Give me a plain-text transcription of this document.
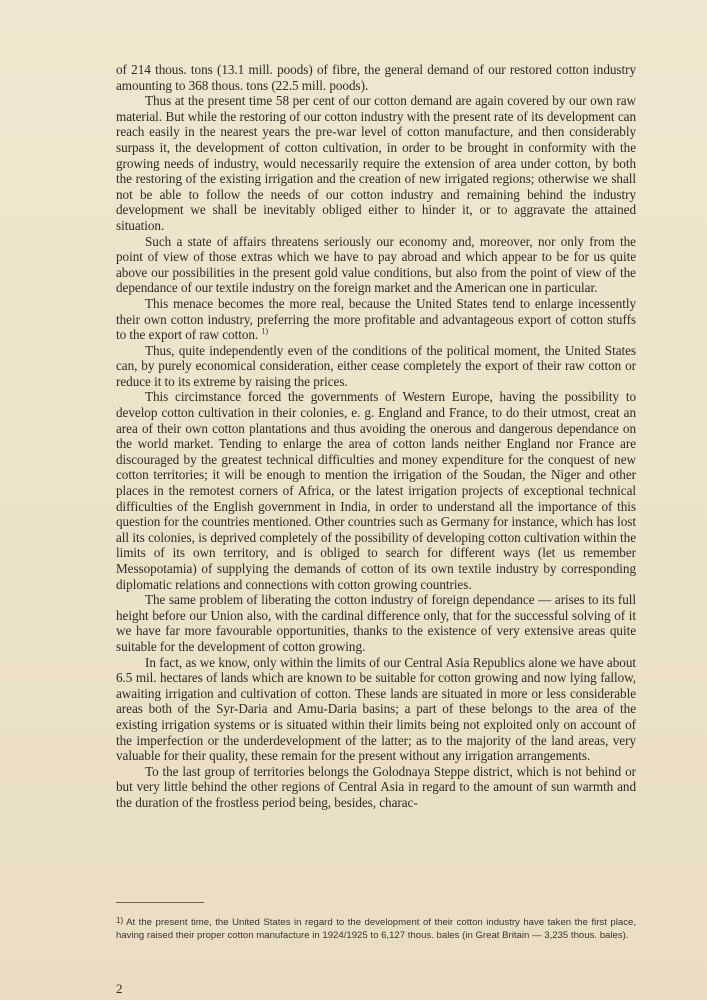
of 214 thous. tons (13.1 mill. poods) of fibre, the general demand of our restored cotton industry amounting to 368 thous. tons (22.5 mill. poods).

Thus at the present time 58 per cent of our cotton demand are again covered by our own raw material. But while the restoring of our cotton industry with the present rate of its development can reach easily in the nearest years the pre-war level of cotton manufacture, and then considerably surpass it, the development of cotton cultivation, in order to be brought in conformity with the growing needs of industry, would necessarily require the extension of area under cotton, by both the restoring of the existing irrigation and the creation of new irrigated regions; otherwise we shall not be able to follow the needs of our cotton industry and remaining behind the industry development we shall be inevitably obliged either to hinder it, or to aggravate the attained situation.

Such a state of affairs threatens seriously our economy and, moreover, nor only from the point of view of those extras which we have to pay abroad and which appear to be for us quite above our possibilities in the present gold value conditions, but also from the point of view of the dependance of our textile industry on the foreign market and the American one in particular.

This menace becomes the more real, because the United States tend to enlarge incessently their own cotton industry, preferring the more profitable and advantageous export of cotton stuffs to the export of raw cotton. $^{1)}$

Thus, quite independently even of the conditions of the political moment, the United States can, by purely economical consideration, either cease completely the export of their raw cotton or reduce it to its extreme by raising the prices.

This circimstance forced the governments of Western Europe, having the possibility to develop cotton cultivation in their colonies, e. g. England and France, to do their utmost, creat an area of their own cotton plantations and thus avoiding the onerous and dangerous dependance on the world market. Tending to enlarge the area of cotton lands neither England nor France are discouraged by the greatest technical difficulties and money expenditure for the conquest of new cotton territories; it will be enough to mention the irrigation of the Soudan, the Niger and other places in the remotest corners of Africa, or the latest irrigation projects of exceptional technical difficulties of the English government in India, in order to understand all the importance of this question for the countries mentioned. Other countries such as Germany for instance, which has lost all its colonies, is deprived completely of the possibility of developing cotton cultivation within the limits of its own territory, and is obliged to search for different ways (let us remember Messopotamia) of supplying the demands of cotton of its own textile industry by corresponding diplomatic relations and connections with cotton growing countries.

The same problem of liberating the cotton industry of foreign dependance — arises to its full height before our Union also, with the cardinal difference only, that for the successful solving of it we have far more favourable opportunities, thanks to the existence of very extensive areas quite suitable for the development of cotton growing.

In fact, as we know, only within the limits of our Central Asia Republics alone we have about 6.5 mil. hectares of lands which are known to be suitable for cotton growing and now lying fallow, awaiting irrigation and cultivation of cotton. These lands are situated in more or less considerable areas both of the Syr-Daria and Amu-Daria basins; a part of these belongs to the area of the existing irrigation systems or is situated within their limits being not exploited only on account of the imperfection or the underdevelopment of the latter; as to the majority of the land areas, very valuable for their quality, these remain for the present without any irrigation arrangements.

To the last group of territories belongs the Golodnaya Steppe district, which is not behind or but very little behind the other regions of Central Asia in regard to the amount of sun warmth and the duration of the frostless period being, besides, charac-

$^{1)}$ At the present time, the United States in regard to the development of their cotton industry have taken the first place, having raised their proper cotton manufacture in 1924/1925 to 6,127 thous. bales (in Great Britain — 3,235 thous. bales).
2
